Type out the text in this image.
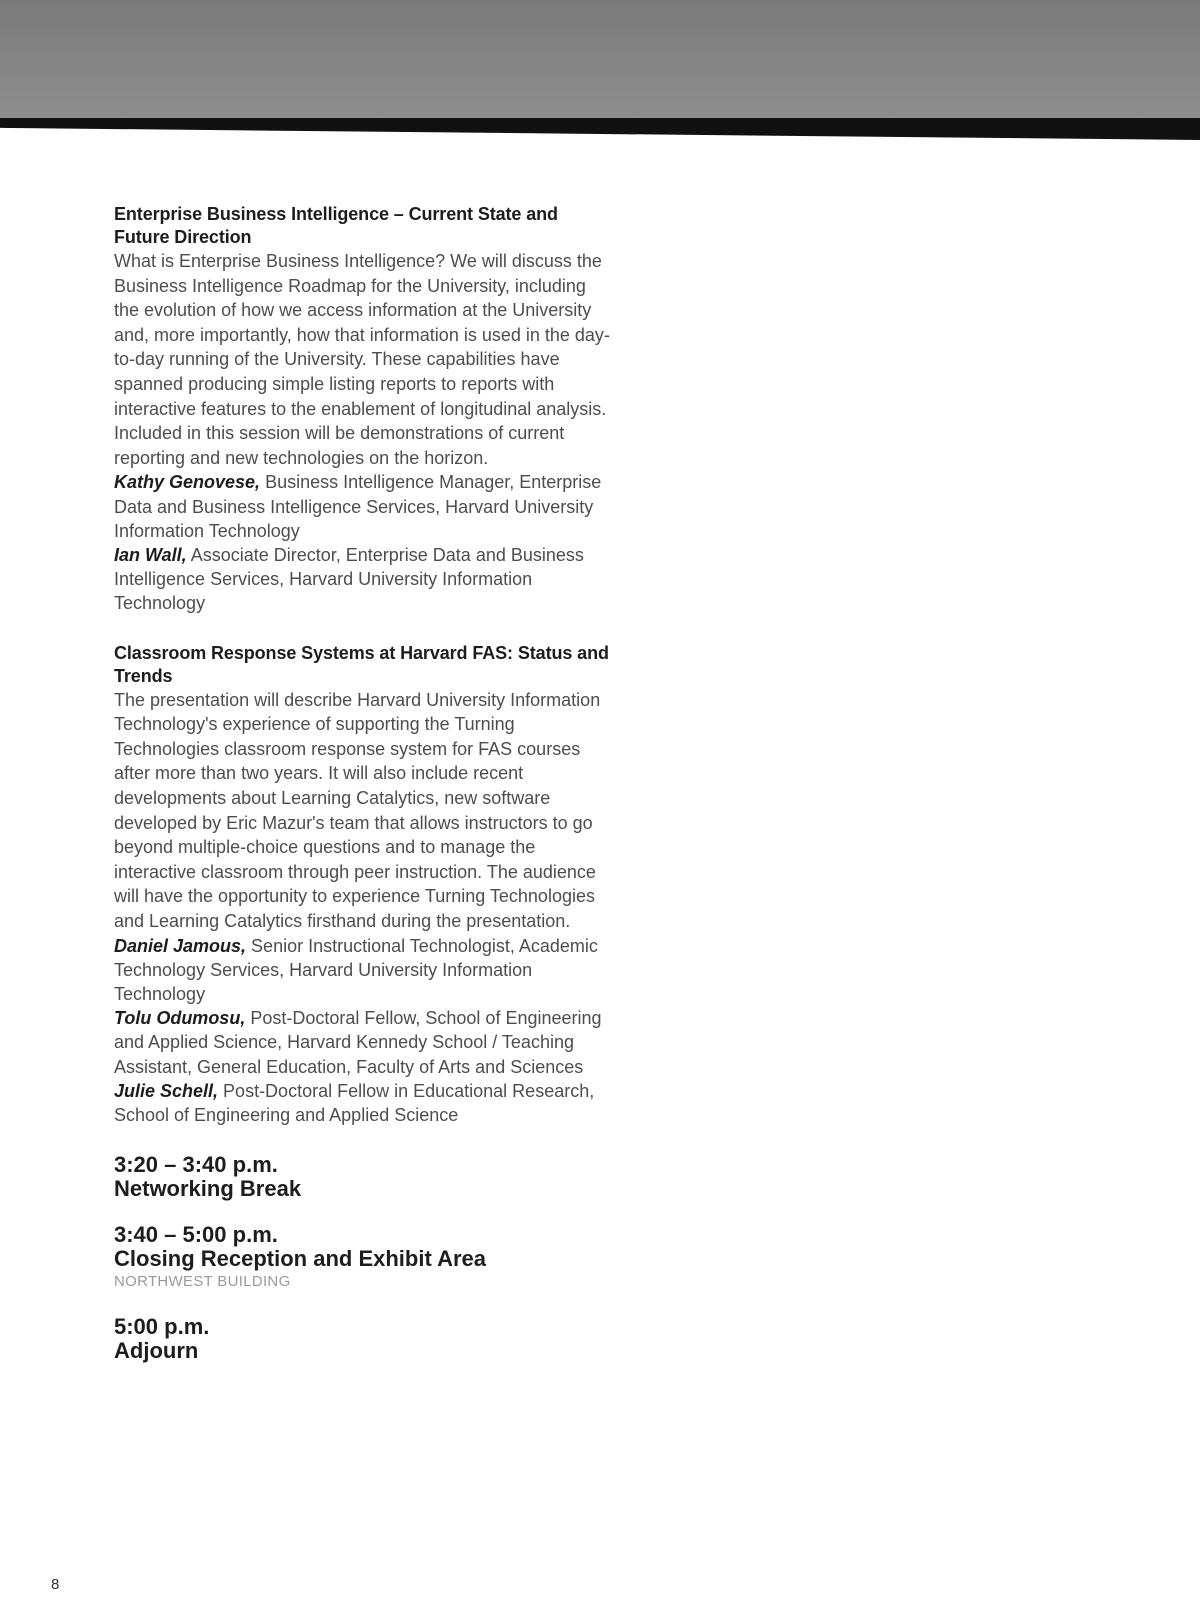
Enterprise Business Intelligence – Current State and Future Direction
What is Enterprise Business Intelligence? We will discuss the Business Intelligence Roadmap for the University, including the evolution of how we access information at the University and, more importantly, how that information is used in the day-to-day running of the University. These capabilities have spanned producing simple listing reports to reports with interactive features to the enablement of longitudinal analysis. Included in this session will be demonstrations of current reporting and new technologies on the horizon.
Kathy Genovese, Business Intelligence Manager, Enterprise Data and Business Intelligence Services, Harvard University Information Technology
Ian Wall, Associate Director, Enterprise Data and Business Intelligence Services, Harvard University Information Technology
Classroom Response Systems at Harvard FAS: Status and Trends
The presentation will describe Harvard University Information Technology's experience of supporting the Turning Technologies classroom response system for FAS courses after more than two years. It will also include recent developments about Learning Catalytics, new software developed by Eric Mazur's team that allows instructors to go beyond multiple-choice questions and to manage the interactive classroom through peer instruction. The audience will have the opportunity to experience Turning Technologies and Learning Catalytics firsthand during the presentation.
Daniel Jamous, Senior Instructional Technologist, Academic Technology Services, Harvard University Information Technology
Tolu Odumosu, Post-Doctoral Fellow, School of Engineering and Applied Science, Harvard Kennedy School / Teaching Assistant, General Education, Faculty of Arts and Sciences
Julie Schell, Post-Doctoral Fellow in Educational Research, School of Engineering and Applied Science
3:20 – 3:40 p.m.
Networking Break
3:40 – 5:00 p.m.
Closing Reception and Exhibit Area
NORTHWEST BUILDING
5:00 p.m.
Adjourn
8
